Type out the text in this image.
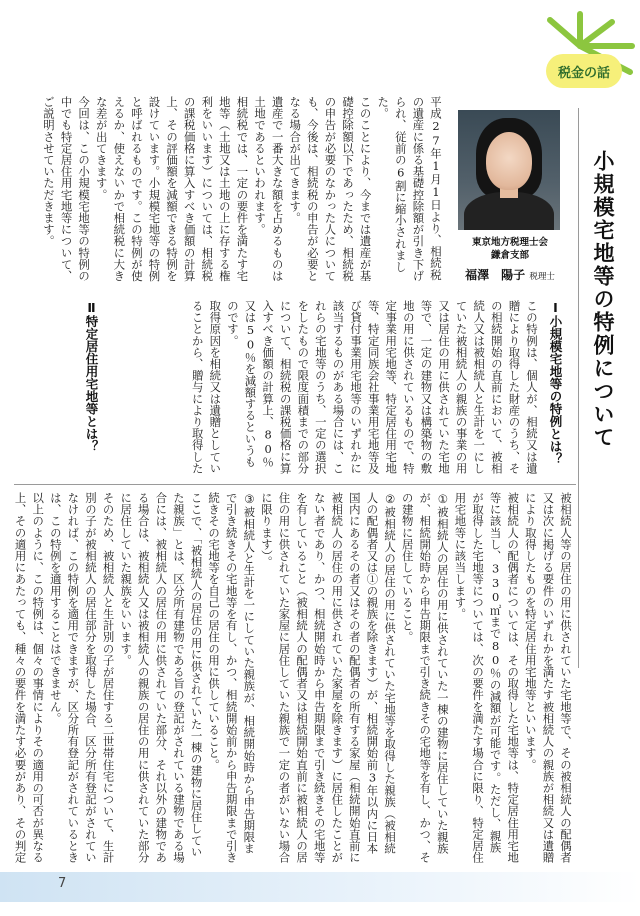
税金の話
小規模宅地等の特例について
東京地方税理士会
鎌倉支部
福澤　陽子 税理士
Ⅰ小規模宅地等の特例とは？
この特例は、個人が、相続又は遺贈により取得した財産のうち、その相続開始の直前において、被相続人又は被相続人と生計を一にしていた被相続人の親族の事業の用又は居住の用に供されていた宅地等で、一定の建物又は構築物の敷地の用に供されているもので、特定事業用宅地等、特定居住用宅地等、特定同族会社事業用宅地等及び貸付事業用宅地等のいずれかに該当するものがある場合には、これらの宅地等のうち、一定の選択をしたもので限度面積までの部分について、相続税の課税価格に算入すべき価額の計算上、80％又は50％を減額するというものです。
取得原因を相続又は遺贈としていることから、贈与により取得した

平成27年1月1日より、相続税の遺産に係る基礎控除額が引き下げられ、従前の6割に縮小されました。
このことにより、今までは遺産が基礎控除額以下であったため、相続税の申告が必要のなかった人についても、今後は、相続税の申告が必要となる場合が出てきます。
遺産で一番大きな額を占めるものは土地であるといわれます。
相続税では、一定の要件を満たす宅地等（土地又は土地の上に存する権利をいいます）については、相続税の課税価格に算入すべき価額の計算上、その評価額を減額できる特例を設けています。小規模宅地等の特例と呼ばれるものです。この特例が使えるか、使えないかで相続税に大きな差が出てきます。
今回は、この小規模宅地等の特例の中でも特定居住用宅地等について、ご説明させていただきます。
Ⅱ特定居住用宅地等とは？
被相続人等の居住の用に供されていた宅地等で、その被相続人の配偶者又は次に掲げる要件のいずれかを満たす被相続人の親族が相続又は遺贈により取得したものを特定居住用宅地等といいます。
被相続人の配偶者については、その取得した宅地等は、特定居住用宅地等に該当し、330㎡まで80％の減額が可能です。ただし、親族が取得した宅地等については、次の要件を満たす場合に限り、特定居住用宅地等に該当します。
①被相続人の居住の用に供されていた一棟の建物に居住していた親族が、相続開始時から申告期限まで引き続きその宅地等を有し、かつ、その建物に居住していること。
②被相続人の居住の用に供されていた宅地等を取得した親族（被相続人の配偶者又は①の親族を除きます）が、相続開始前3年以内に日本国内にあるその者又はその者の配偶者の所有する家屋（相続開始直前に被相続人の居住の用に供されていた家屋を除きます）に居住したことがない者であり、かつ、相続開始時から申告期限まで引き続きその宅地等を有していること（被相続人の配偶者又は相続開始直前に被相続人の居住の用に供されていた家屋に居住していた親族で一定の者がいない場合に限ります）。
③被相続人と生計を一にしていた親族が、相続開始時から申告期限まで引き続きその宅地等を有し、かつ、相続開始前から申告期限まで引き続きその宅地等を自己の居住の用に供していること。
ここで、「被相続人の居住の用に供されていた一棟の建物に居住していた親族」とは、区分所有建物である旨の登記がされている建物である場合には、被相続人の居住の用に供されていた部分、それ以外の建物である場合は、被相続人又は被相続人の親族の居住の用に供されていた部分に居住していた親族をいいます。
そのため、被相続人と生計別の子が居住する二世帯住宅について、生計別の子が被相続人の居住部分を取得した場合、区分所有登記がされていなければ、この特例を適用できますが、区分所有登記がされているときは、この特例を適用することはできません。
以上のように、この特例は、個々の事情によりその適用の可否が異なる上、その適用にあたっても、種々の要件を満たす必要があり、その判定
7
